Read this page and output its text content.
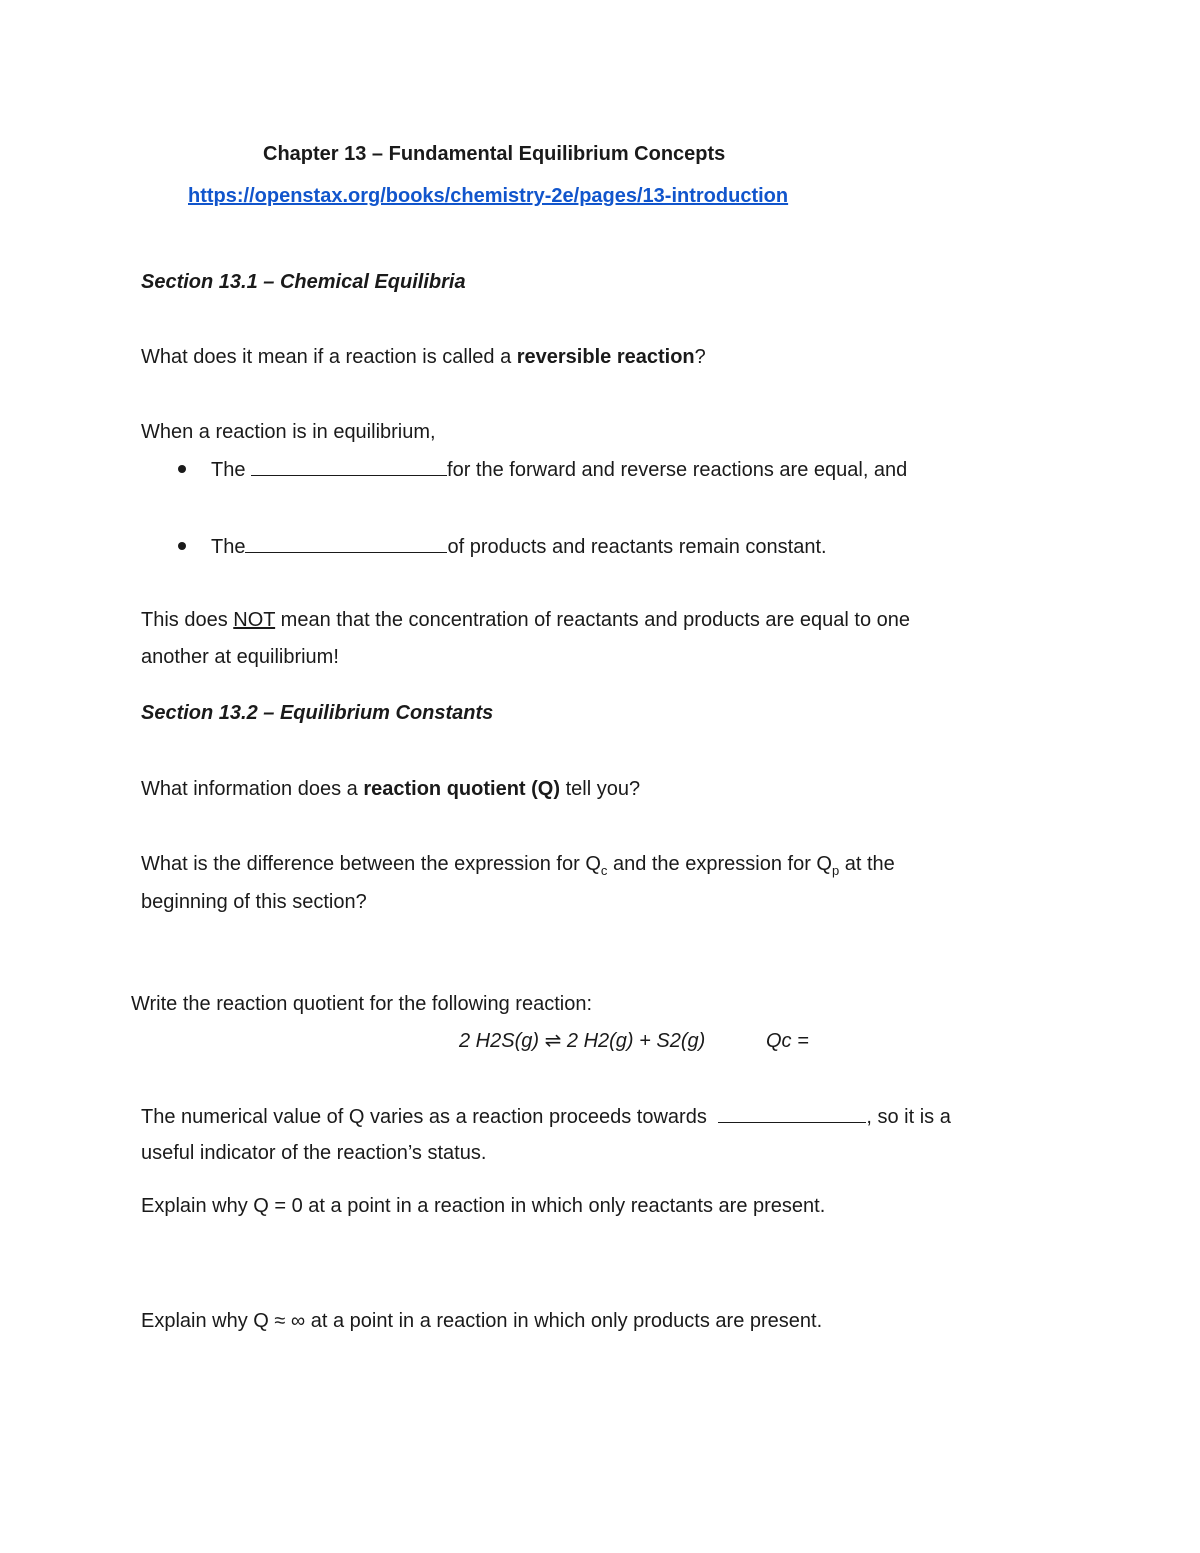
Chapter 13 – Fundamental Equilibrium Concepts
https://openstax.org/books/chemistry-2e/pages/13-introduction
Section 13.1 – Chemical Equilibria
What does it mean if a reaction is called a reversible reaction?
When a reaction is in equilibrium,
The	for the forward and reverse reactions are equal, and
The	of products and reactants remain constant.
This does NOT mean that the concentration of reactants and products are equal to one
another at equilibrium!
Section 13.2 – Equilibrium Constants
What information does a reaction quotient (Q) tell you?
What is the difference between the expression for $Q_c$ and the expression for $Q_p$ at the
beginning of this section?
Write the reaction quotient for the following reaction:
2 H2S(g) ⇌ 2 H2(g) + S2(g)	Qc =
The numerical value of Q varies as a reaction proceeds towards	, so it is a
useful indicator of the reaction’s status.
Explain why Q = 0 at a point in a reaction in which only reactants are present.
Explain why Q ≈ ∞ at a point in a reaction in which only products are present.
